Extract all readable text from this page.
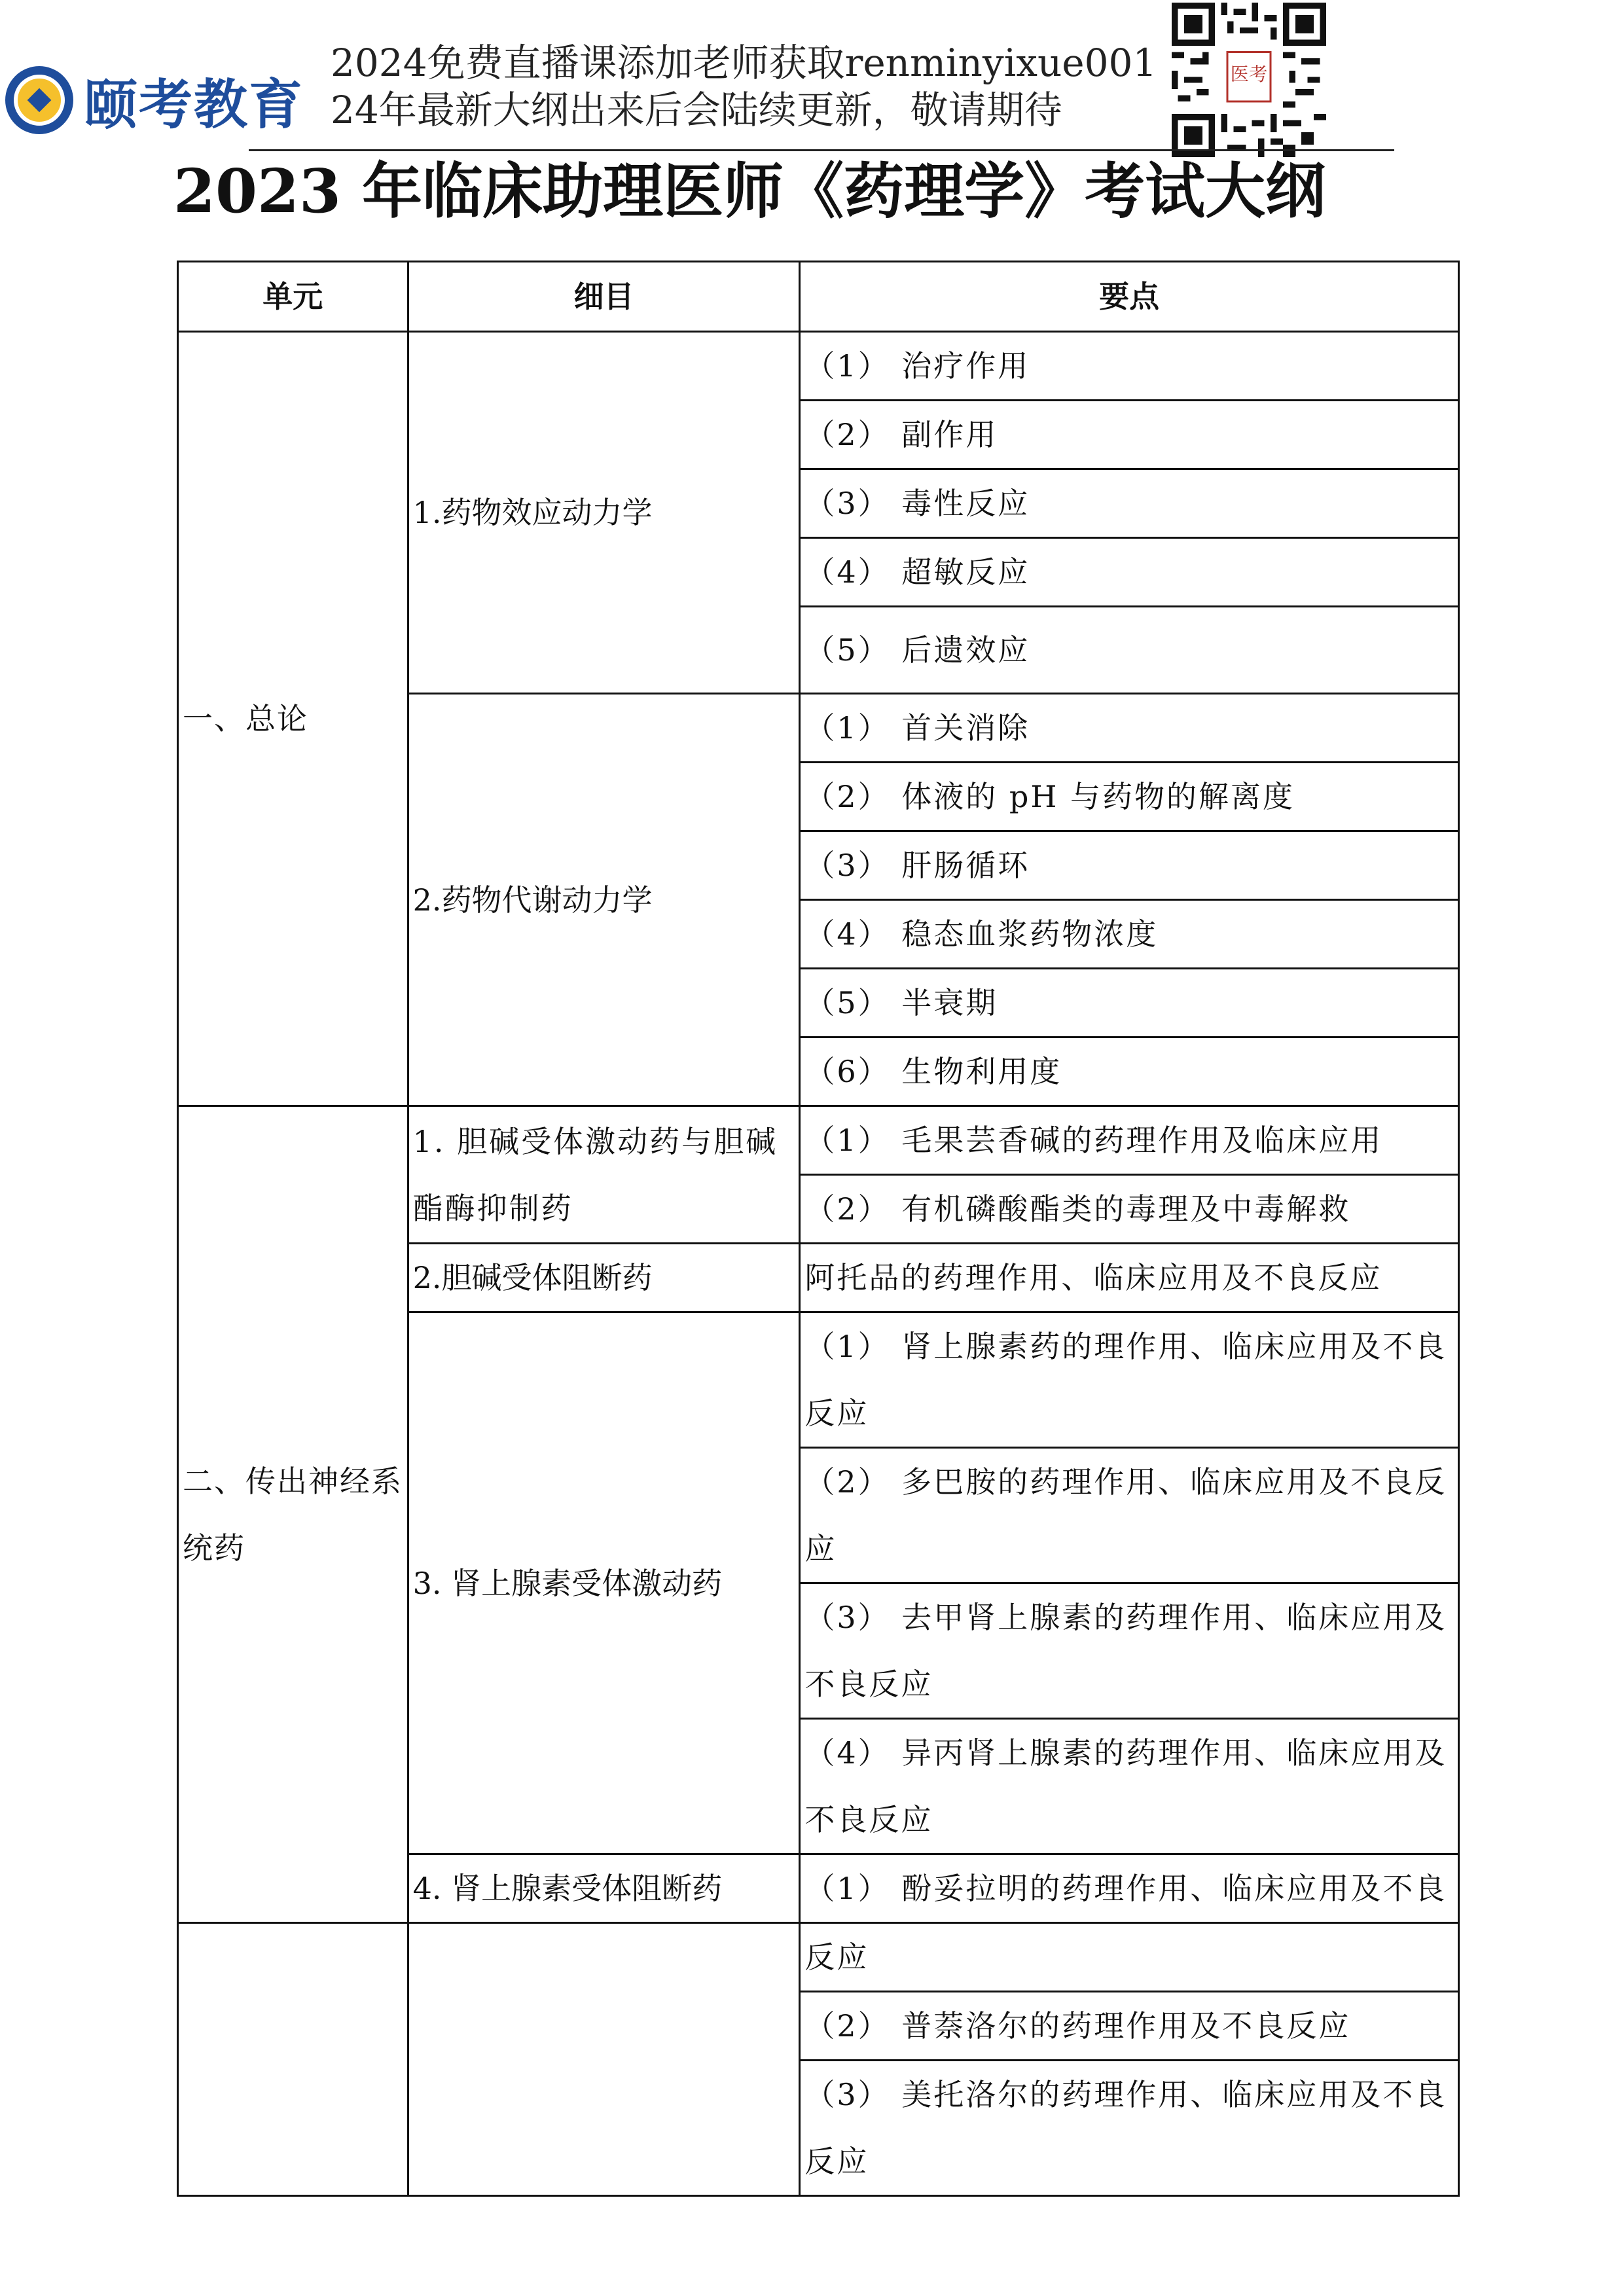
颐考教育
2024免费直播课添加老师获取renminyixue001
24年最新大纲出来后会陆续更新，敬请期待
医考
2023 年临床助理医师《药理学》考试大纲
单元	细目	要点
一、总论	1.药物效应动力学	（1） 治疗作用
		（2） 副作用
		（3） 毒性反应
		（4） 超敏反应
		（5） 后遗效应
	2.药物代谢动力学	（1） 首关消除
		（2） 体液的 pH 与药物的解离度
		（3） 肝肠循环
		（4） 稳态血浆药物浓度
		（5） 半衰期
		（6） 生物利用度
二、传出神经系统药	1. 胆碱受体激动药与胆碱酯酶抑制药	（1） 毛果芸香碱的药理作用及临床应用
		（2） 有机磷酸酯类的毒理及中毒解救
	2.胆碱受体阻断药	阿托品的药理作用、临床应用及不良反应
	3. 肾上腺素受体激动药	（1） 肾上腺素药的理作用、临床应用及不良反应
		（2） 多巴胺的药理作用、临床应用及不良反应
		（3） 去甲肾上腺素的药理作用、临床应用及不良反应
		（4） 异丙肾上腺素的药理作用、临床应用及不良反应
	4. 肾上腺素受体阻断药	（1） 酚妥拉明的药理作用、临床应用及不良
		反应
		（2） 普萘洛尔的药理作用及不良反应
		（3） 美托洛尔的药理作用、临床应用及不良反应
